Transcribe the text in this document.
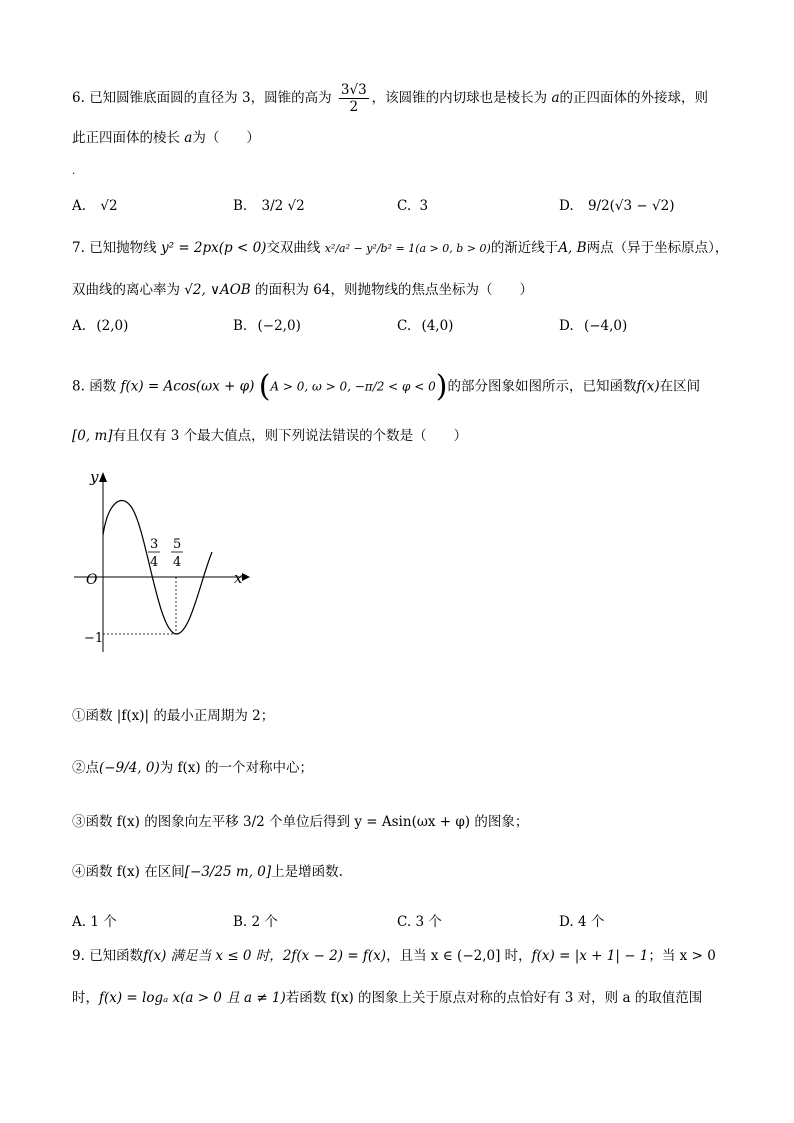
6. 已知圆锥底面圆的直径为 3，圆锥的高为 $\frac{3√3}{2}$ ，该圆锥的内切球也是棱长为 a的正四面体的外接球，则
此正四面体的棱长 a为（　　）
.
A. √2	B. 3/2 √2	C. 3	D. 9/2(√3 − √2)
7. 已知抛物线 y² = 2px(p < 0)交双曲线 x²/a² − y²/b² = 1(a > 0, b > 0)的渐近线于A, B两点（异于坐标原点），
双曲线的离心率为 √2, ∨AOB 的面积为 64，则抛物线的焦点坐标为（　　）
A. (2,0)	B. (−2,0)	C. (4,0)	D. (−4,0)
8. 函数 f(x) = Acos(ωx + φ) (A > 0, ω > 0, −π/2 < φ < 0)的部分图象如图所示，已知函数f(x)在区间
[0, m]有且仅有 3 个最大值点，则下列说法错误的个数是（　　）
y
x
O
−1
3
4
5
4
①函数 |f(x)| 的最小正周期为 2；
②点(−9/4, 0)为 f(x) 的一个对称中心；
③函数 f(x) 的图象向左平移 3/2 个单位后得到 y = Asin(ωx + φ) 的图象；
④函数 f(x) 在区间[−3/25 m, 0]上是增函数.
A. 1 个	B. 2 个	C. 3 个	D. 4 个
9. 已知函数f(x) 满足当 x ≤ 0 时，2f(x − 2) = f(x)，且当 x ∈ (−2,0] 时，f(x) = |x + 1| − 1；当 x > 0
时，f(x) = logₐ x(a > 0 且 a ≠ 1)若函数 f(x) 的图象上关于原点对称的点恰好有 3 对，则 a 的取值范围
